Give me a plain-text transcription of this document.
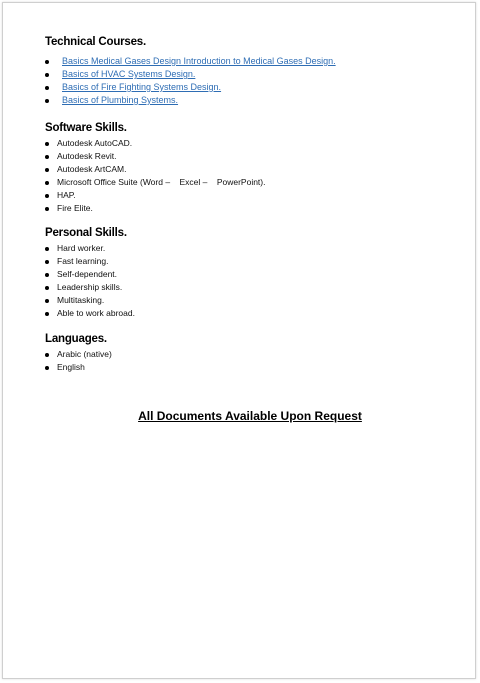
Technical Courses.
Basics Medical Gases Design Introduction to Medical Gases Design.
Basics of HVAC Systems Design.
Basics of Fire Fighting Systems Design.
Basics of Plumbing Systems.
Software Skills.
Autodesk AutoCAD.
Autodesk Revit.
Autodesk ArtCAM.
Microsoft Office Suite (Word –    Excel –    PowerPoint).
HAP.
Fire Elite.
Personal Skills.
Hard worker.
Fast learning.
Self-dependent.
Leadership skills.
Multitasking.
Able to work abroad.
Languages.
Arabic (native)
English
All Documents Available Upon Request
